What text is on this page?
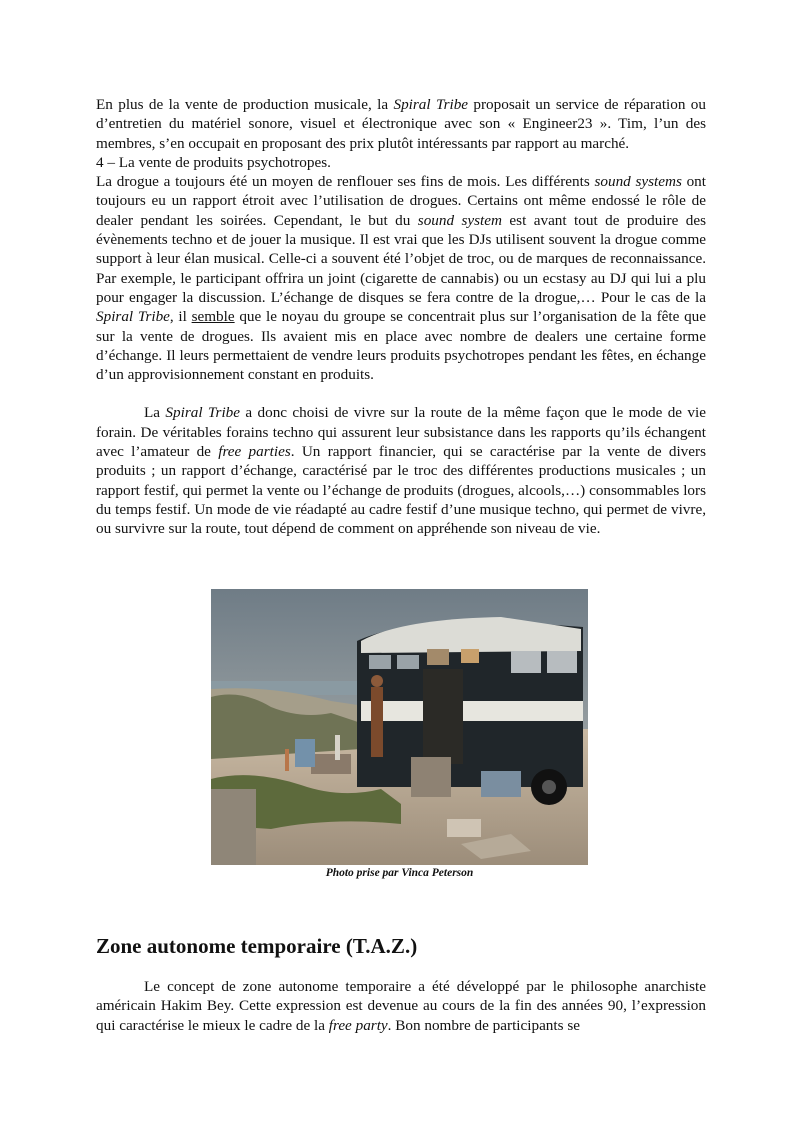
En plus de la vente de production musicale, la Spiral Tribe proposait un service de réparation ou d’entretien du matériel sonore, visuel et électronique avec son « Engineer23 ». Tim, l’un des membres, s’en occupait en proposant des prix plutôt intéressants par rapport au marché.

4 – La vente de produits psychotropes.

La drogue a toujours été un moyen de renflouer ses fins de mois. Les différents sound systems ont toujours eu un rapport étroit avec l’utilisation de drogues. Certains ont même endossé le rôle de dealer pendant les soirées. Cependant, le but du sound system est avant tout de produire des évènements techno et de jouer la musique. Il est vrai que les DJs utilisent souvent la drogue comme support à leur élan musical. Celle-ci a souvent été l’objet de troc, ou de marques de reconnaissance. Par exemple, le participant offrira un joint (cigarette de cannabis) ou un ecstasy au DJ qui lui a plu pour engager la discussion. L’échange de disques se fera contre de la drogue,… Pour le cas de la Spiral Tribe, il semble que le noyau du groupe se concentrait plus sur l’organisation de la fête que sur la vente de drogues. Ils avaient mis en place avec nombre de dealers une certaine forme d’échange. Il leurs permettaient de vendre leurs produits psychotropes pendant les fêtes, en échange d’un approvisionnement constant en produits.

La Spiral Tribe a donc choisi de vivre sur la route de la même façon que le mode de vie forain. De véritables forains techno qui assurent leur subsistance dans les rapports qu’ils échangent avec l’amateur de free parties. Un rapport financier, qui se caractérise par la vente de divers produits ; un rapport d’échange, caractérisé par le troc des différentes productions musicales ; un rapport festif, qui permet la vente ou l’échange de produits (drogues, alcools,…) consommables lors du temps festif. Un mode de vie réadapté au cadre festif d’une musique techno, qui permet de vivre, ou survivre sur la route, tout dépend de comment on appréhende son niveau de vie.

Photo prise par Vinca Peterson
Zone autonome temporaire (T.A.Z.)

Le concept de zone autonome temporaire a été développé par le philosophe anarchiste américain Hakim Bey. Cette expression est devenue au cours de la fin des années 90, l’expression qui caractérise le mieux le cadre de la free party. Bon nombre de participants se
